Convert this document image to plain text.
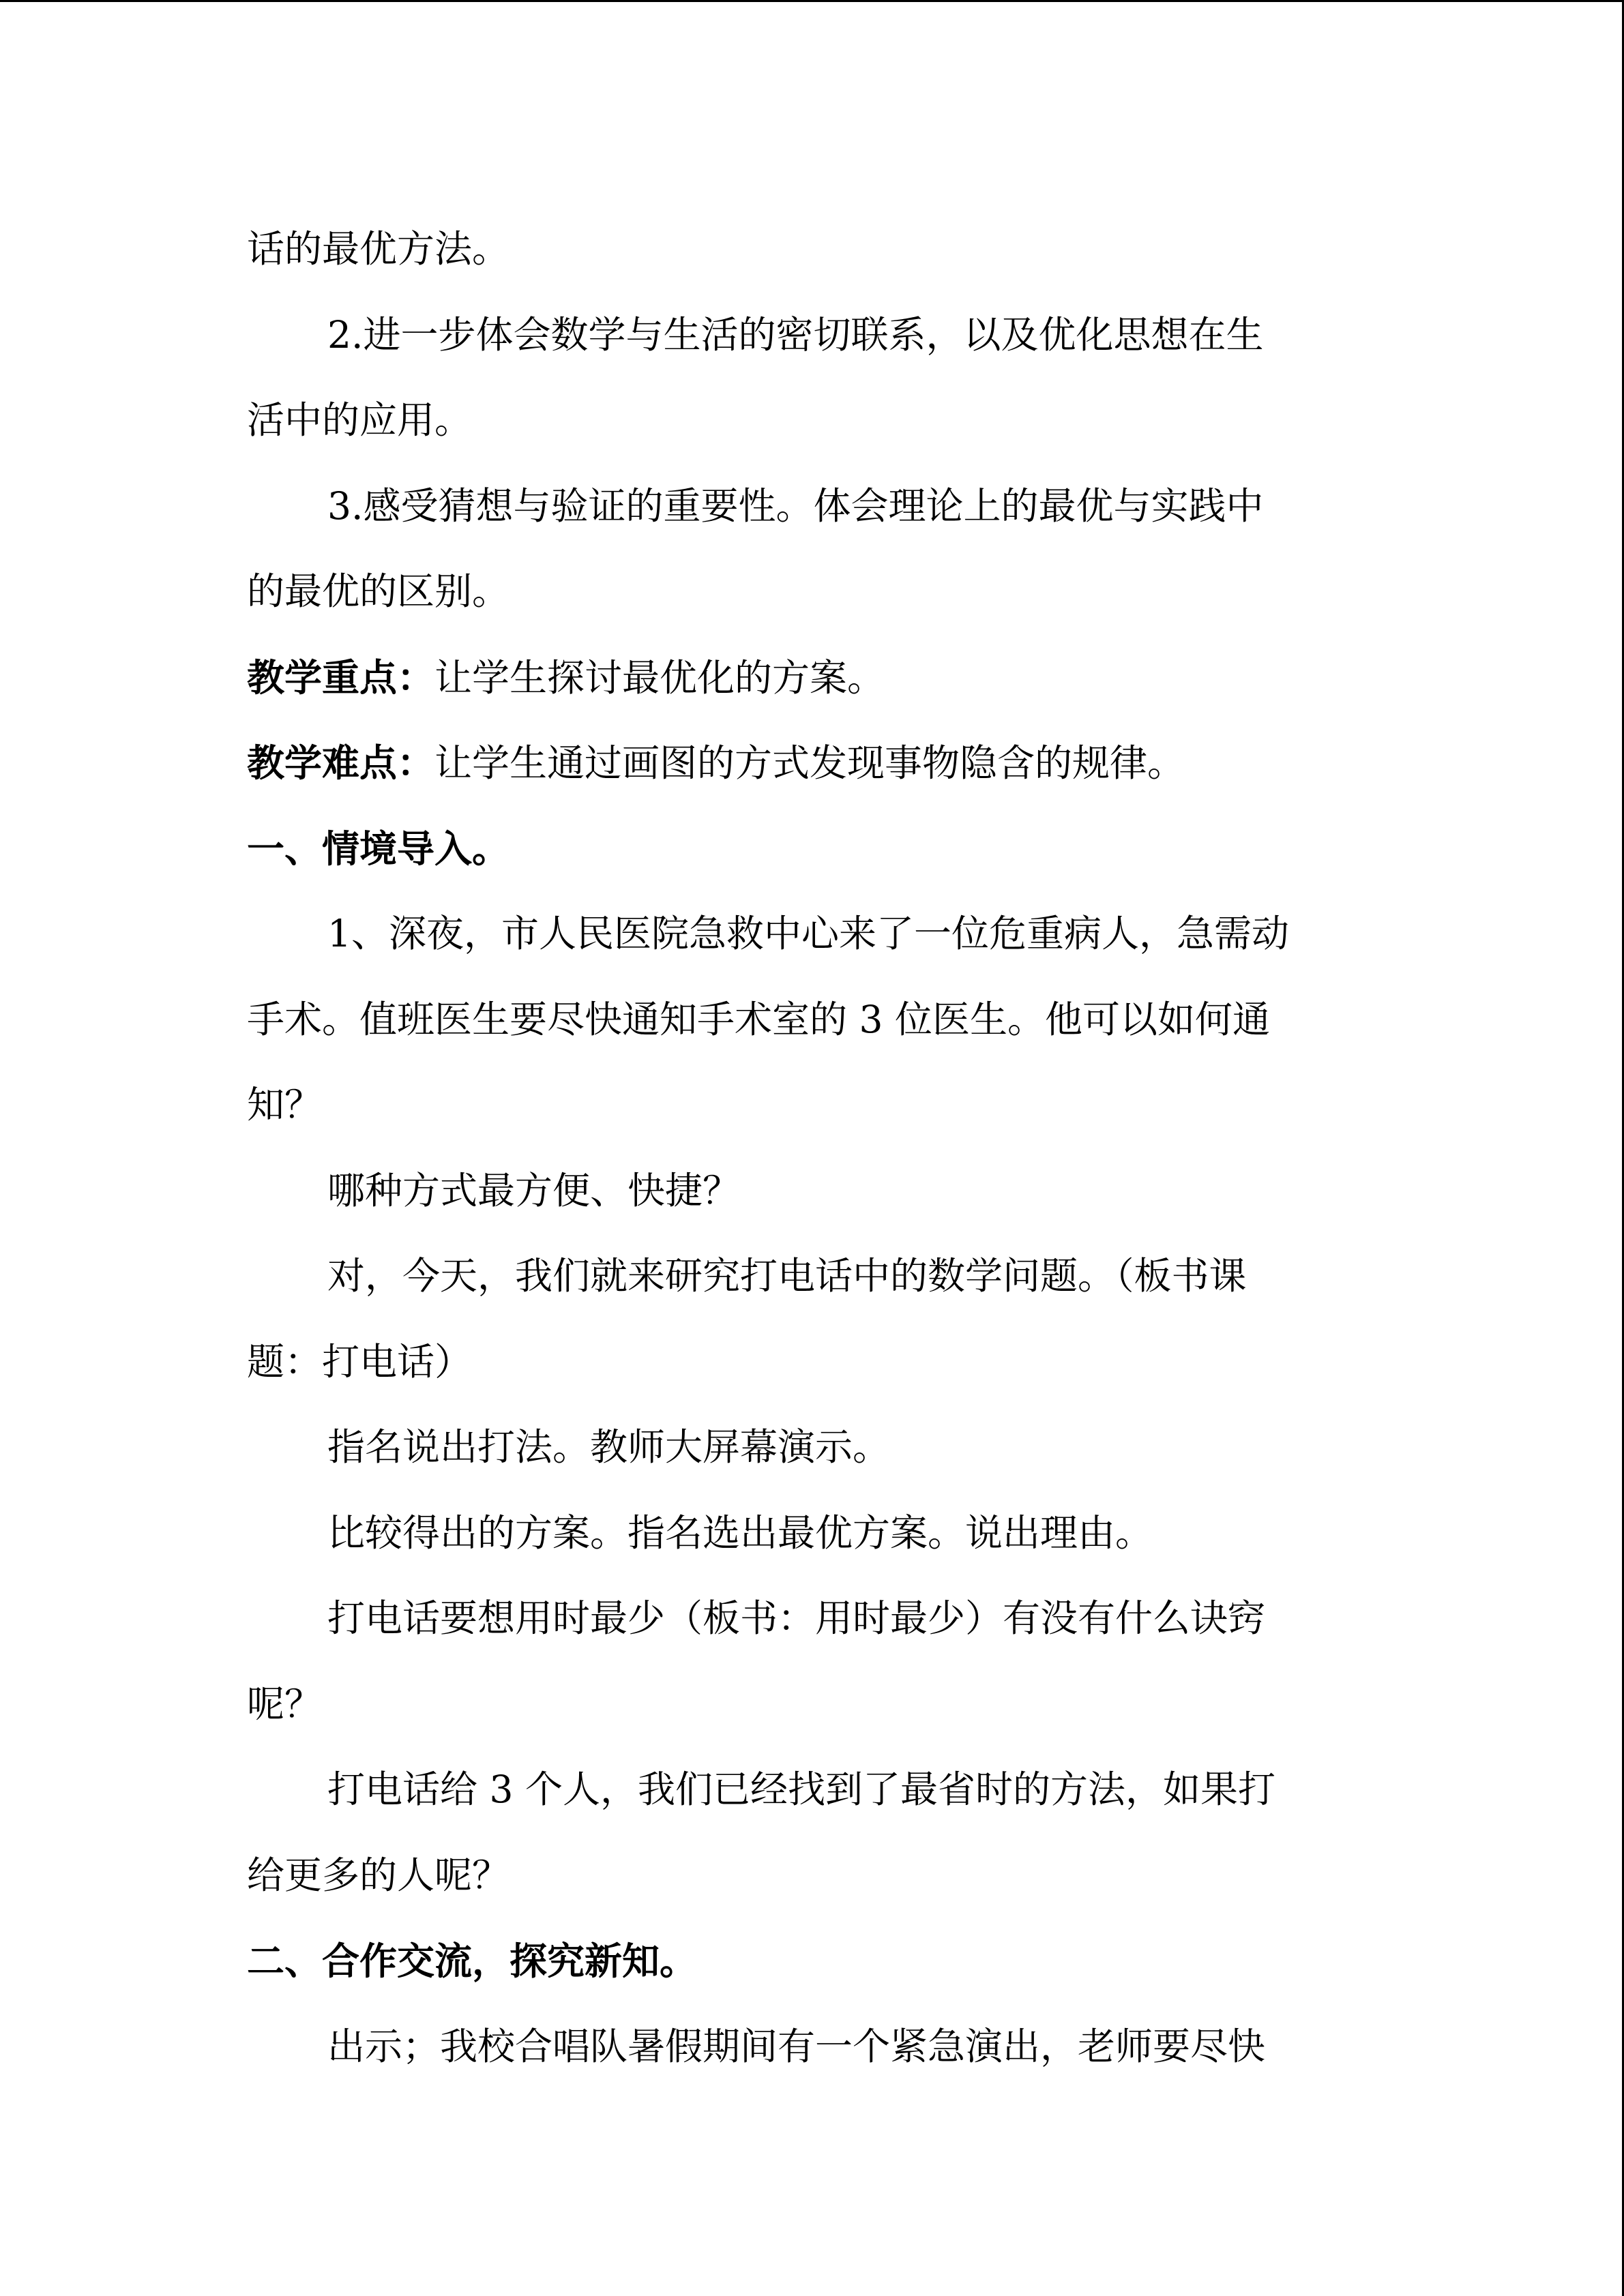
话的最优方法。
2.进一步体会数学与生活的密切联系，以及优化思想在生
活中的应用。
3.感受猜想与验证的重要性。体会理论上的最优与实践中
的最优的区别。
教学重点：让学生探讨最优化的方案。
教学难点：让学生通过画图的方式发现事物隐含的规律。
一、情境导入。
1、深夜，市人民医院急救中心来了一位危重病人，急需动
手术。值班医生要尽快通知手术室的 3 位医生。他可以如何通
知？
哪种方式最方便、快捷？
对，今天，我们就来研究打电话中的数学问题。（板书课
题：打电话）
指名说出打法。教师大屏幕演示。
比较得出的方案。指名选出最优方案。说出理由。
打电话要想用时最少（板书：用时最少）有没有什么诀窍
呢？
打电话给 3 个人，我们已经找到了最省时的方法，如果打
给更多的人呢？
二、合作交流，探究新知。
出示；我校合唱队暑假期间有一个紧急演出，老师要尽快
